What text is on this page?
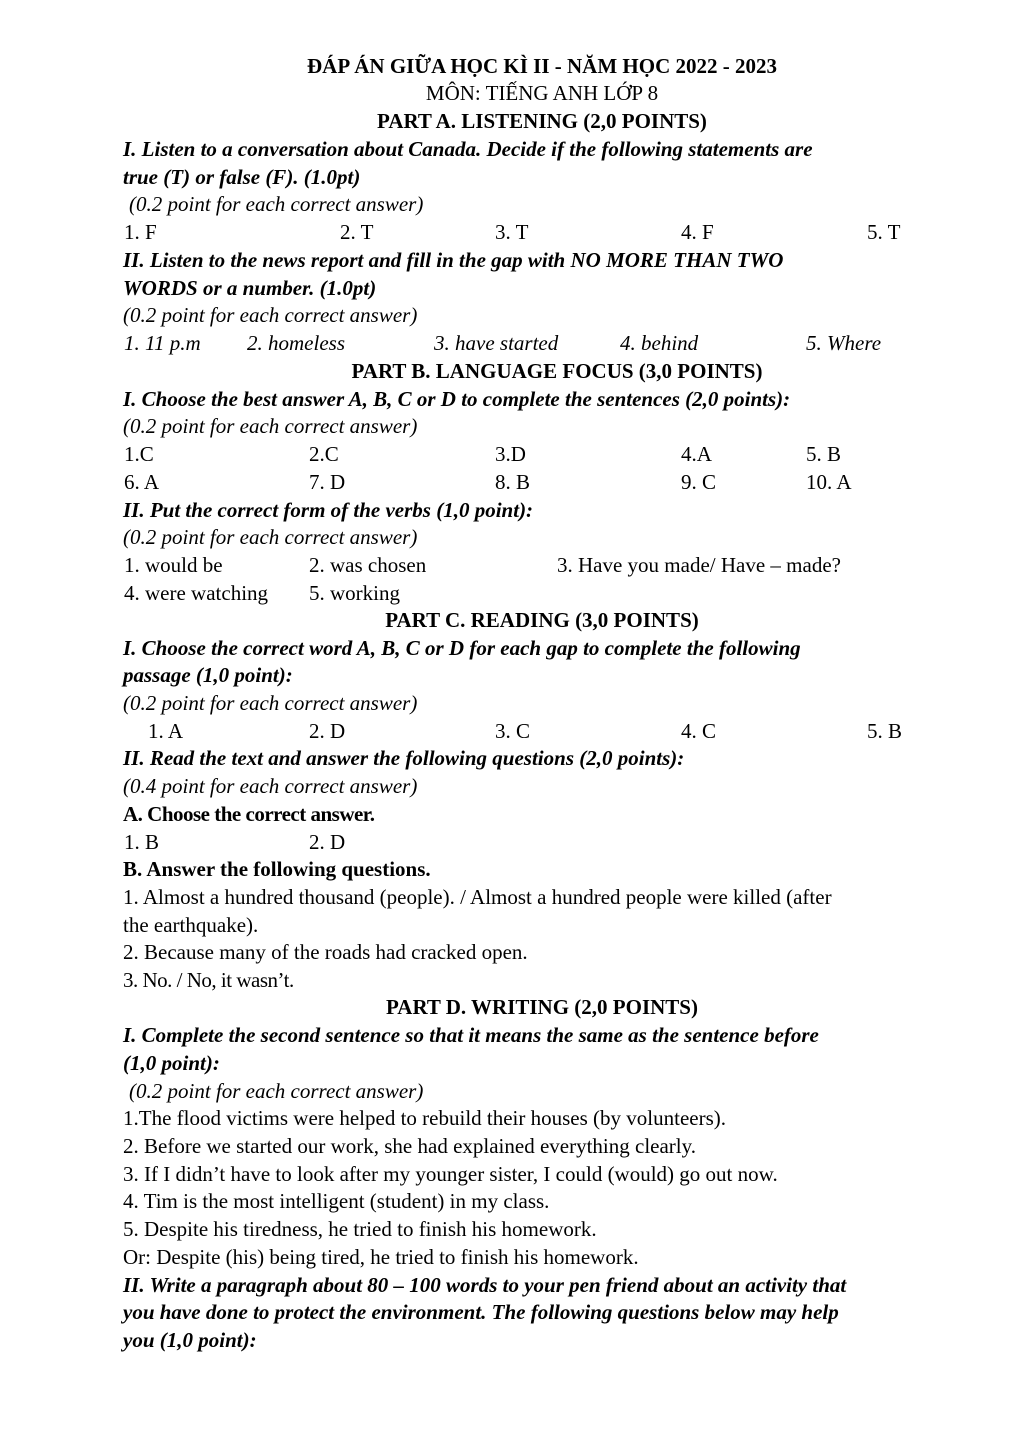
ĐÁP ÁN GIỮA HỌC KÌ II - NĂM HỌC 2022 - 2023
MÔN: TIẾNG ANH LỚP 8
PART A. LISTENING (2,0 POINTS)
I. Listen to a conversation about Canada. Decide if the following statements are
true (T) or false (F). (1.0pt)
(0.2 point for each correct answer)
1. F	2. T	3. T	4. F	5. T
II. Listen to the news report and fill in the gap with NO MORE THAN TWO
WORDS or a number. (1.0pt)
(0.2 point for each correct answer)
1. 11 p.m 2. homeless	3. have started	4. behind	5. Where
PART B. LANGUAGE FOCUS (3,0 POINTS)
I. Choose the best answer A, B, C or D to complete the sentences (2,0 points):
(0.2 point for each correct answer)
1.C	2.C	3.D	4.A	5. B
6. A	7. D	8. B	9. C	10. A
II. Put the correct form of the verbs (1,0 point):
(0.2 point for each correct answer)
1. would be	2. was chosen	3. Have you made/ Have – made?
4. were watching 5. working
PART C. READING (3,0 POINTS)
I. Choose the correct word A, B, C or D for each gap to complete the following
passage (1,0 point):
(0.2 point for each correct answer)
1. A	2. D	3. C	4. C	5. B
II. Read the text and answer the following questions (2,0 points):
(0.4 point for each correct answer)
A. Choose the correct answer.
1. B	2. D
B. Answer the following questions.
1. Almost a hundred thousand (people). / Almost a hundred people were killed (after
the earthquake).
2. Because many of the roads had cracked open.
3. No. / No, it wasn’t.
PART D. WRITING (2,0 POINTS)
I. Complete the second sentence so that it means the same as the sentence before
(1,0 point):
(0.2 point for each correct answer)
1.The flood victims were helped to rebuild their houses (by volunteers).
2. Before we started our work, she had explained everything clearly.
3. If I didn’t have to look after my younger sister, I could (would) go out now.
4. Tim is the most intelligent (student) in my class.
5. Despite his tiredness, he tried to finish his homework.
Or: Despite (his) being tired, he tried to finish his homework.
II. Write a paragraph about 80 – 100 words to your pen friend about an activity that
you have done to protect the environment. The following questions below may help
you (1,0 point):
